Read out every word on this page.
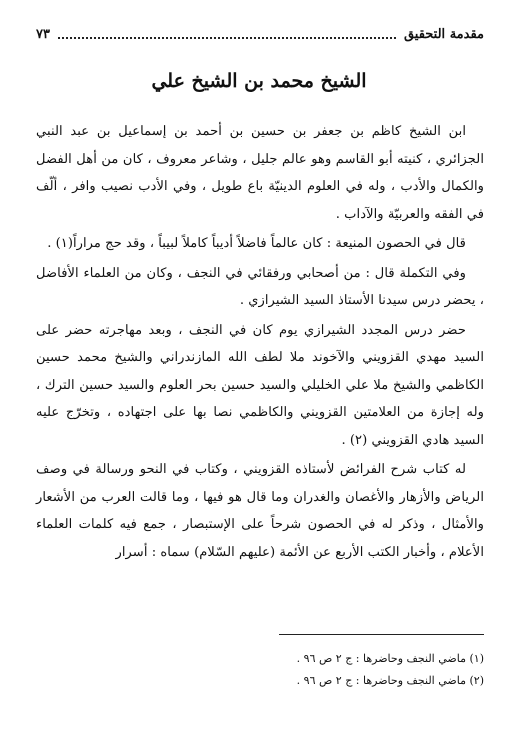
مقدمة التحقيق
٧٣
الشيخ محمد بن الشيخ علي

ابن الشيخ كاظم بن جعفر بن حسين بن أحمد بن إسماعيل بن عبد النبي الجزائري ، كنيته أبو القاسم وهو عالم جليل ، وشاعر معروف ، كان من أهل الفضل والكمال والأدب ، وله في العلوم الدينيّة باع طويل ، وفي الأدب نصيب وافر ، ألّف في الفقه والعربيّة والآداب .

قال في الحصون المنيعة : كان عالماً فاضلاً أديباً كاملاً لبيباً ، وقد حج مراراً(١) .

وفي التكملة قال : من أصحابي ورفقائي في النجف ، وكان من العلماء الأفاضل ، يحضر درس سيدنا الأستاذ السيد الشيرازي .

حضر درس المجدد الشيرازي يوم كان في النجف ، وبعد مهاجرته حضر على السيد مهدي القزويني والآخوند ملا لطف الله المازندراني والشيخ محمد حسين الكاظمي والشيخ ملا علي الخليلي والسيد حسين بحر العلوم والسيد حسين الترك ، وله إجازة من العلامتين القزويني والكاظمي نصا بها على اجتهاده ، وتخرّج عليه السيد هادي القزويني (٢) .

له كتاب شرح الفرائض لأستاذه القزويني ، وكتاب في النحو ورسالة في وصف الرياض والأزهار والأغصان والغدران وما قال هو فيها ، وما قالت العرب من الأشعار والأمثال ، وذكر له في الحصون شرحاً على الإستبصار ، جمع فيه كلمات العلماء الأعلام ، وأخبار الكتب الأربع عن الأئمة (عليهم السّلام) سماه : أسرار

(١) ماضي النجف وحاضرها : ج ٢ ص ٩٦ .
(٢) ماضي النجف وحاضرها : ج ٢ ص ٩٦ .
